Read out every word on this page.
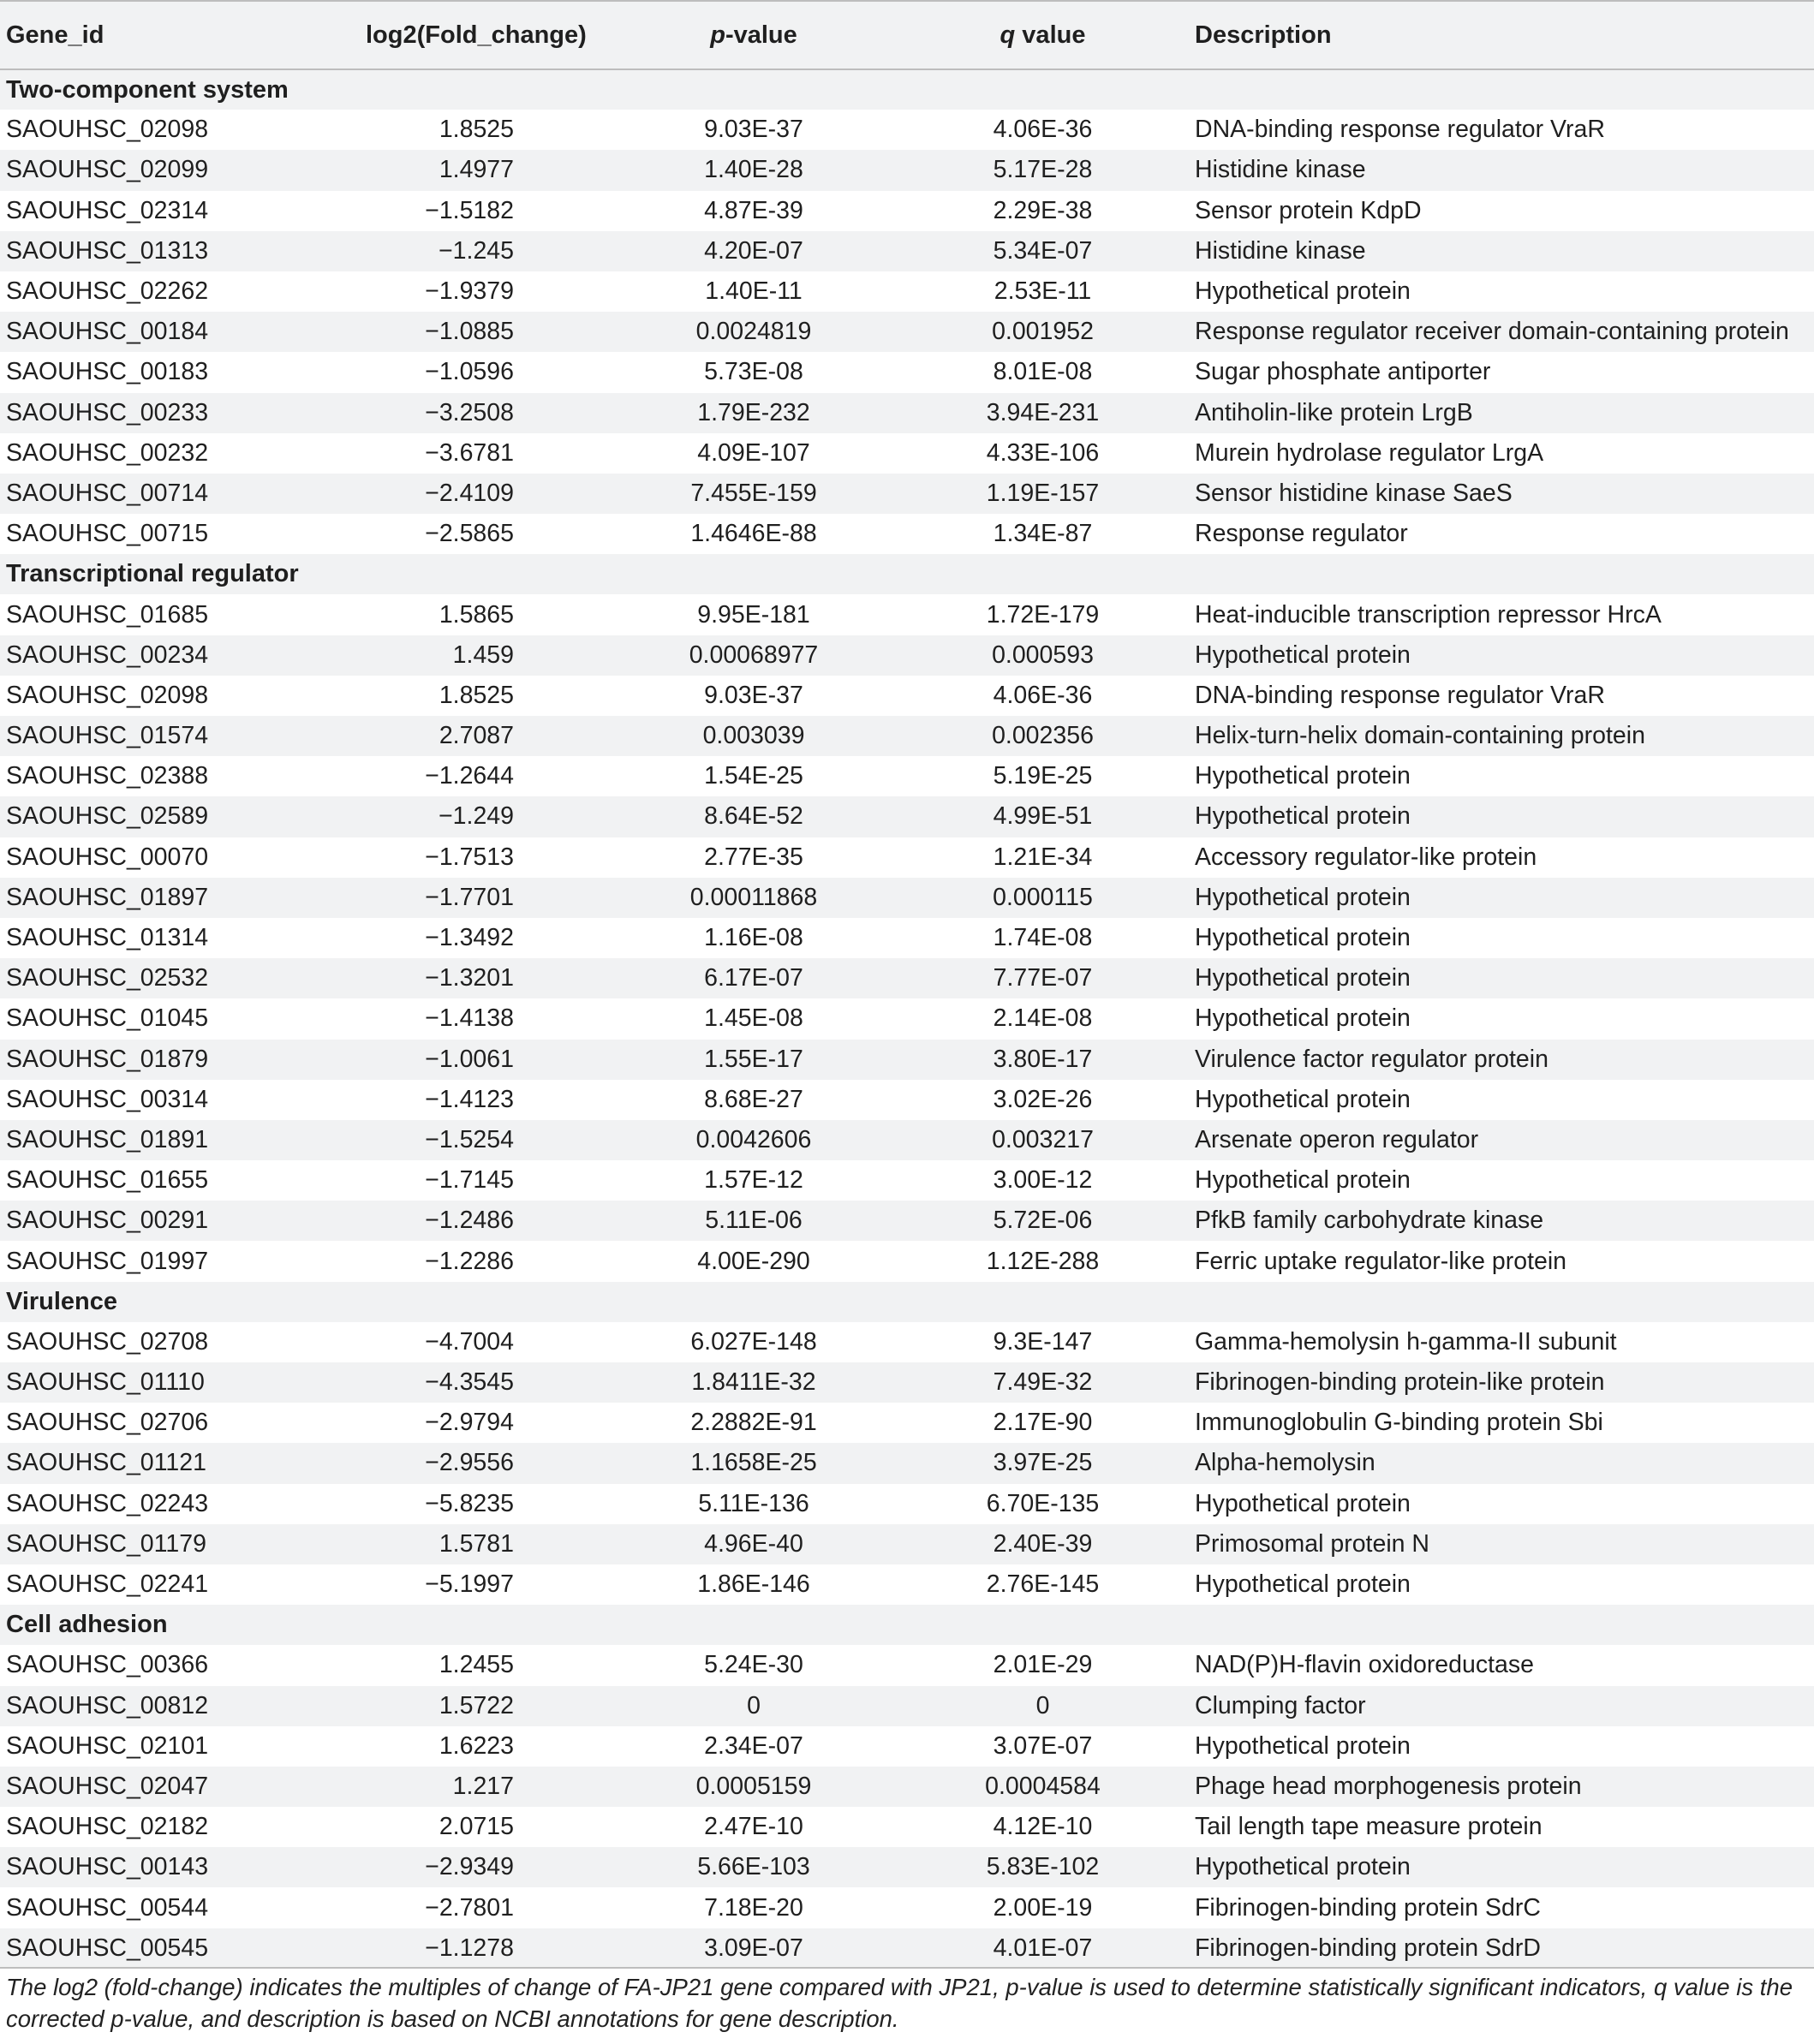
Gene_id	log2(Fold_change)	p-value	q value	Description
Two-component system				
SAOUHSC_02098	1.8525	9.03E-37	4.06E-36	DNA-binding response regulator VraR
SAOUHSC_02099	1.4977	1.40E-28	5.17E-28	Histidine kinase
SAOUHSC_02314	−1.5182	4.87E-39	2.29E-38	Sensor protein KdpD
SAOUHSC_01313	−1.245	4.20E-07	5.34E-07	Histidine kinase
SAOUHSC_02262	−1.9379	1.40E-11	2.53E-11	Hypothetical protein
SAOUHSC_00184	−1.0885	0.0024819	0.001952	Response regulator receiver domain-containing protein
SAOUHSC_00183	−1.0596	5.73E-08	8.01E-08	Sugar phosphate antiporter
SAOUHSC_00233	−3.2508	1.79E-232	3.94E-231	Antiholin-like protein LrgB
SAOUHSC_00232	−3.6781	4.09E-107	4.33E-106	Murein hydrolase regulator LrgA
SAOUHSC_00714	−2.4109	7.455E-159	1.19E-157	Sensor histidine kinase SaeS
SAOUHSC_00715	−2.5865	1.4646E-88	1.34E-87	Response regulator
Transcriptional regulator				
SAOUHSC_01685	1.5865	9.95E-181	1.72E-179	Heat-inducible transcription repressor HrcA
SAOUHSC_00234	1.459	0.00068977	0.000593	Hypothetical protein
SAOUHSC_02098	1.8525	9.03E-37	4.06E-36	DNA-binding response regulator VraR
SAOUHSC_01574	2.7087	0.003039	0.002356	Helix-turn-helix domain-containing protein
SAOUHSC_02388	−1.2644	1.54E-25	5.19E-25	Hypothetical protein
SAOUHSC_02589	−1.249	8.64E-52	4.99E-51	Hypothetical protein
SAOUHSC_00070	−1.7513	2.77E-35	1.21E-34	Accessory regulator-like protein
SAOUHSC_01897	−1.7701	0.00011868	0.000115	Hypothetical protein
SAOUHSC_01314	−1.3492	1.16E-08	1.74E-08	Hypothetical protein
SAOUHSC_02532	−1.3201	6.17E-07	7.77E-07	Hypothetical protein
SAOUHSC_01045	−1.4138	1.45E-08	2.14E-08	Hypothetical protein
SAOUHSC_01879	−1.0061	1.55E-17	3.80E-17	Virulence factor regulator protein
SAOUHSC_00314	−1.4123	8.68E-27	3.02E-26	Hypothetical protein
SAOUHSC_01891	−1.5254	0.0042606	0.003217	Arsenate operon regulator
SAOUHSC_01655	−1.7145	1.57E-12	3.00E-12	Hypothetical protein
SAOUHSC_00291	−1.2486	5.11E-06	5.72E-06	PfkB family carbohydrate kinase
SAOUHSC_01997	−1.2286	4.00E-290	1.12E-288	Ferric uptake regulator-like protein
Virulence				
SAOUHSC_02708	−4.7004	6.027E-148	9.3E-147	Gamma-hemolysin h-gamma-II subunit
SAOUHSC_01110	−4.3545	1.8411E-32	7.49E-32	Fibrinogen-binding protein-like protein
SAOUHSC_02706	−2.9794	2.2882E-91	2.17E-90	Immunoglobulin G-binding protein Sbi
SAOUHSC_01121	−2.9556	1.1658E-25	3.97E-25	Alpha-hemolysin
SAOUHSC_02243	−5.8235	5.11E-136	6.70E-135	Hypothetical protein
SAOUHSC_01179	1.5781	4.96E-40	2.40E-39	Primosomal protein N
SAOUHSC_02241	−5.1997	1.86E-146	2.76E-145	Hypothetical protein
Cell adhesion				
SAOUHSC_00366	1.2455	5.24E-30	2.01E-29	NAD(P)H-flavin oxidoreductase
SAOUHSC_00812	1.5722	0	0	Clumping factor
SAOUHSC_02101	1.6223	2.34E-07	3.07E-07	Hypothetical protein
SAOUHSC_02047	1.217	0.0005159	0.0004584	Phage head morphogenesis protein
SAOUHSC_02182	2.0715	2.47E-10	4.12E-10	Tail length tape measure protein
SAOUHSC_00143	−2.9349	5.66E-103	5.83E-102	Hypothetical protein
SAOUHSC_00544	−2.7801	7.18E-20	2.00E-19	Fibrinogen-binding protein SdrC
SAOUHSC_00545	−1.1278	3.09E-07	4.01E-07	Fibrinogen-binding protein SdrD
The log2 (fold-change) indicates the multiples of change of FA-JP21 gene compared with JP21, p-value is used to determine statistically significant indicators, q value is the corrected p-value, and description is based on NCBI annotations for gene description.
